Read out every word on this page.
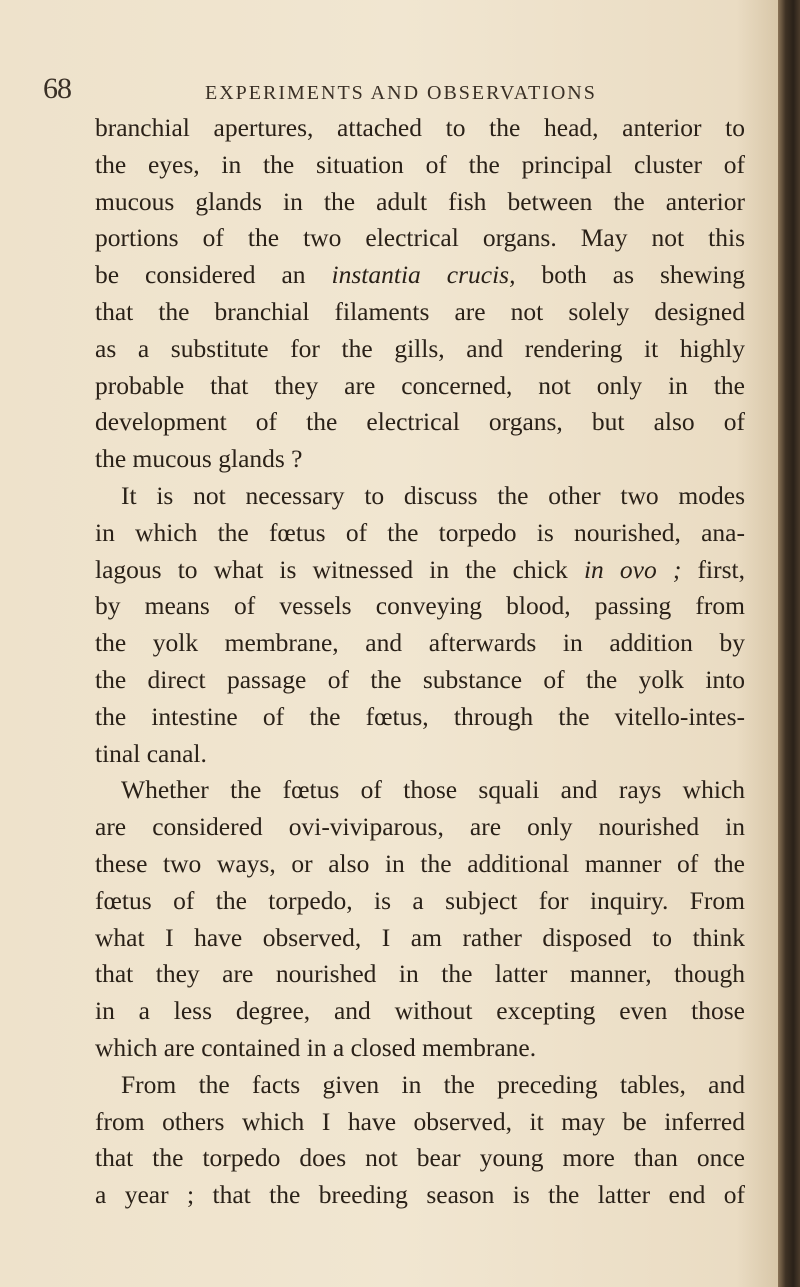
68	EXPERIMENTS AND OBSERVATIONS
branchial apertures, attached to the head, anterior to
the eyes, in the situation of the principal cluster of
mucous glands in the adult fish between the anterior
portions of the two electrical organs. May not this
be considered an instantia crucis, both as shewing
that the branchial filaments are not solely designed
as a substitute for the gills, and rendering it highly
probable that they are concerned, not only in the
development of the electrical organs, but also of
the mucous glands ?
It is not necessary to discuss the other two modes
in which the fœtus of the torpedo is nourished, ana-
lagous to what is witnessed in the chick in ovo ; first,
by means of vessels conveying blood, passing from
the yolk membrane, and afterwards in addition by
the direct passage of the substance of the yolk into
the intestine of the fœtus, through the vitello-intes-
tinal canal.
Whether the fœtus of those squali and rays which
are considered ovi-viviparous, are only nourished in
these two ways, or also in the additional manner of the
fœtus of the torpedo, is a subject for inquiry. From
what I have observed, I am rather disposed to think
that they are nourished in the latter manner, though
in a less degree, and without excepting even those
which are contained in a closed membrane.
From the facts given in the preceding tables, and
from others which I have observed, it may be inferred
that the torpedo does not bear young more than once
a year ; that the breeding season is the latter end of
